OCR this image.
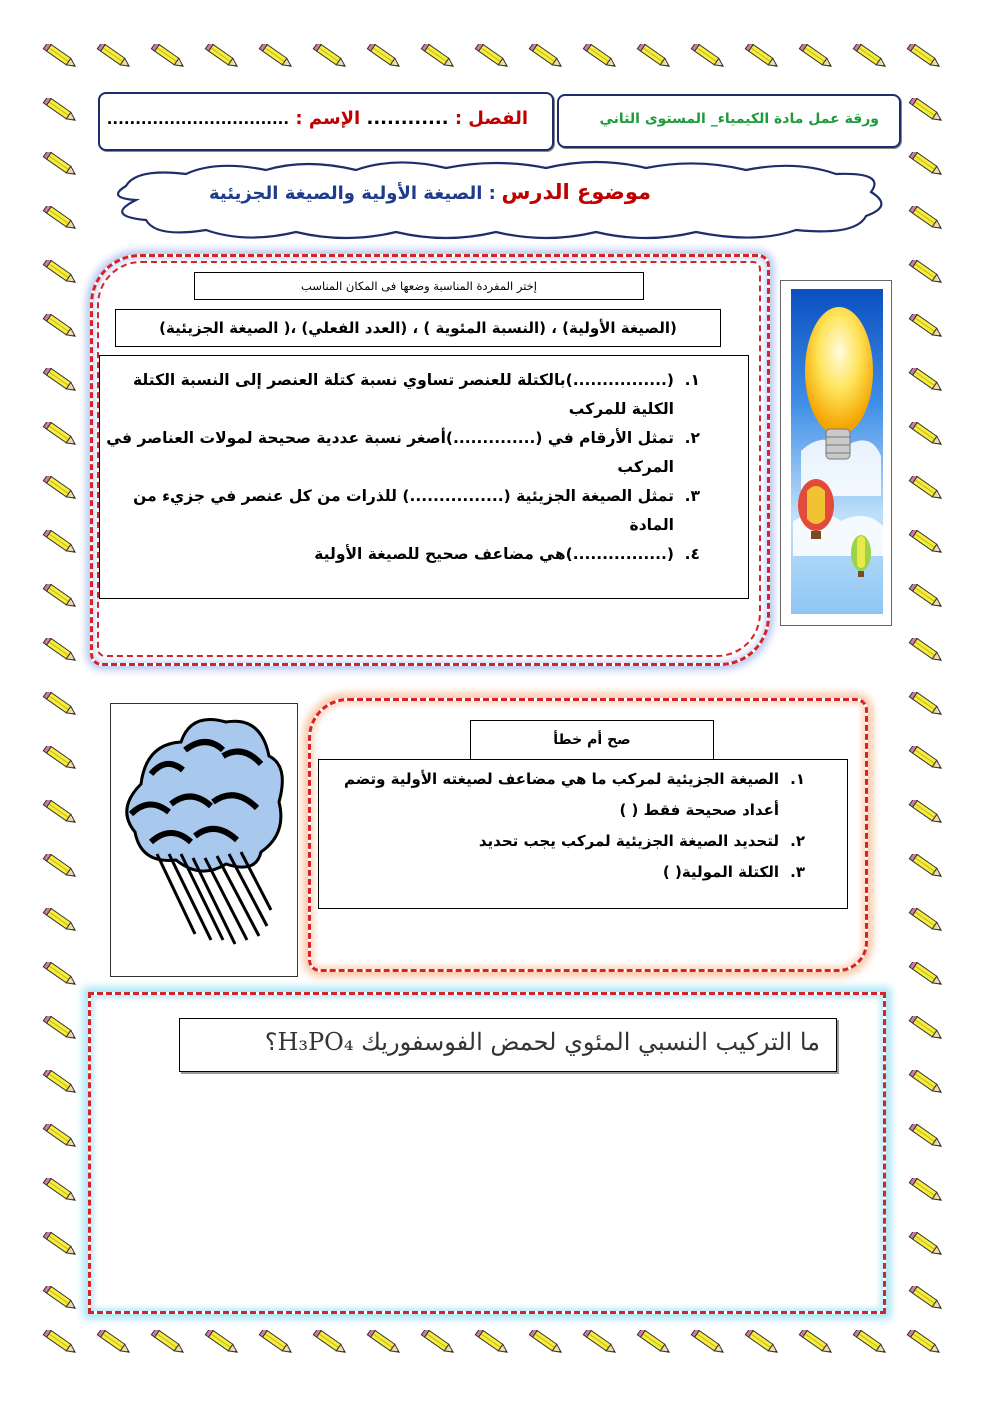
الفصل : ............ الإسم : ................................	ورقة عمل مادة الكيمياء_ المستوى الثاني
موضوع الدرس : الصيغة الأولية والصيغة الجزيئية
إختر المفردة المناسبة وضعها فى المكان المناسب
(الصيغة الأولية) ، (النسبة المئوية ) ، (العدد الفعلي) ،( الصيغة الجزيئية)
١.
(................)بالكتلة للعنصر تساوي نسبة كتلة العنصر إلى النسبة الكتلة الكلية للمركب
٢.
تمثل الأرقام في (..............)أصغر نسبة عددية صحيحة لمولات العناصر في المركب
٣.
تمثل الصيغة الجزيئية (................) للذرات من كل عنصر في جزيء من المادة
٤.
(................)هي مضاعف صحيح للصيغة الأولية
صح أم خطأ
١.
الصيغة الجزيئية لمركب ما هي مضاعف لصيغته الأولية وتضم أعداد صحيحة فقط ( )
٢.
لتحديد الصيغة الجزيئية لمركب يجب تحديد
٣.
الكتلة المولية( )
ما التركيب النسبي المئوي لحمض الفوسفوريك H₃PO₄؟
